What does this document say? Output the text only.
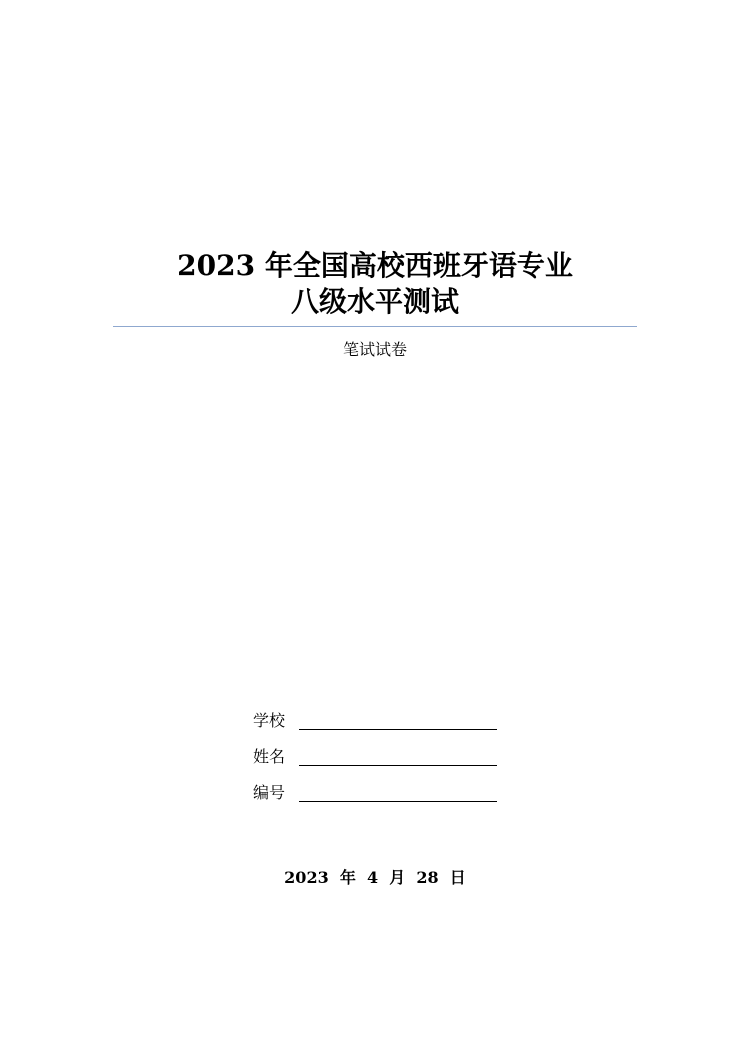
2023 年全国高校西班牙语专业
八级水平测试
笔试试卷
学校
姓名
编号
2023  年  4  月  28  日
